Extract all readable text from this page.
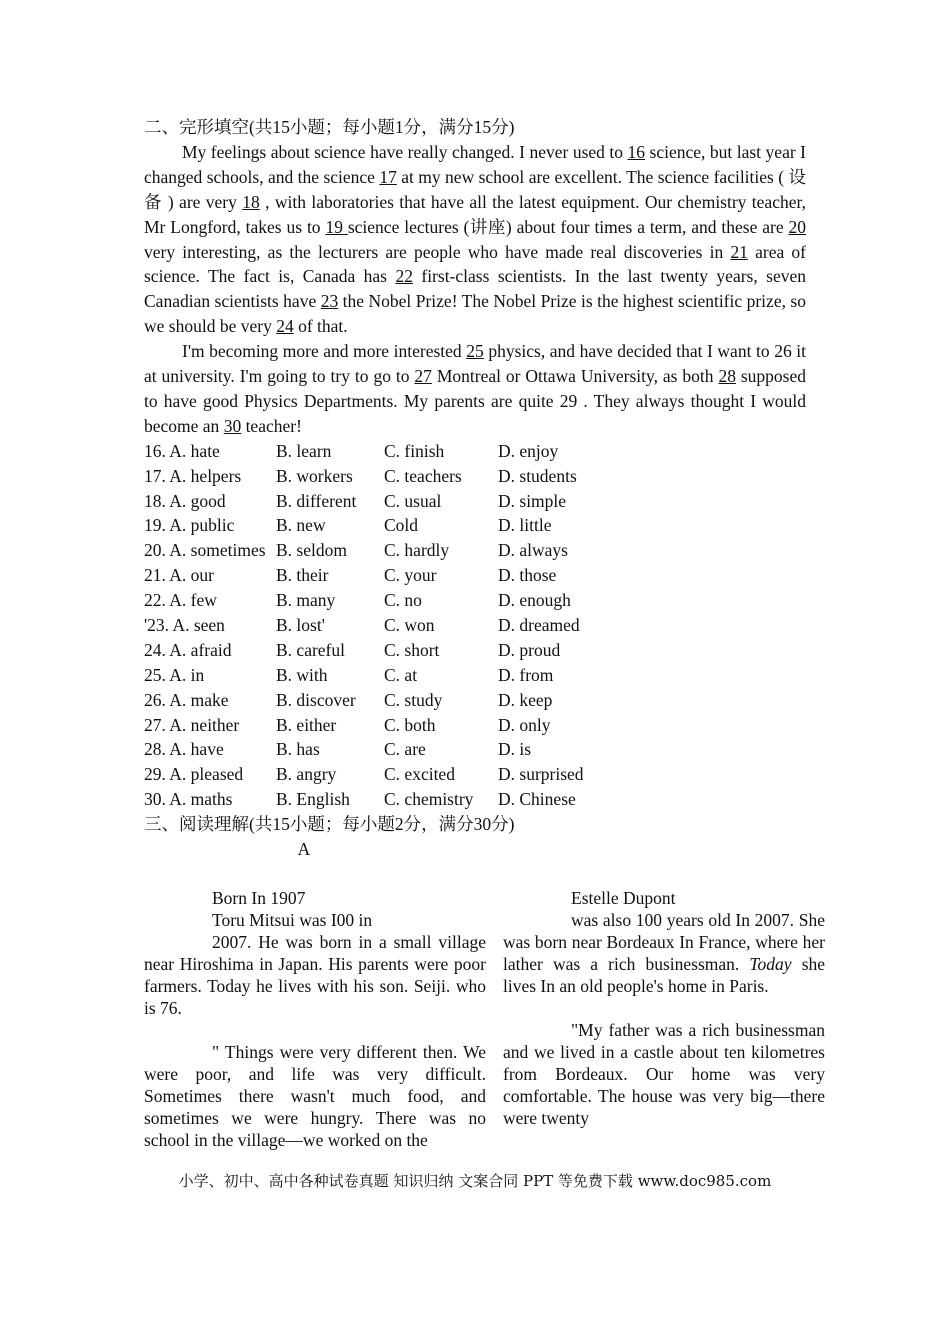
二、完形填空(共15小题；每小题1分，满分15分)
My feelings about science have really changed. I never used to 16 science, but last year I changed schools, and the science 17 at my new school are excellent. The science facilities ( 设 备 ) are very 18 , with laboratories that have all the latest equipment. Our chemistry teacher, Mr Longford, takes us to 19 science lectures (讲座) about four times a term, and these are 20 very interesting, as the lecturers are people who have made real discoveries in 21 area of science. The fact is, Canada has 22 first-class scientists. In the last twenty years, seven Canadian scientists have 23 the Nobel Prize! The Nobel Prize is the highest scientific prize, so we should be very 24 of that.
I'm becoming more and more interested 25 physics, and have decided that I want to 26 it at university. I'm going to try to go to 27 Montreal or Ottawa University, as both 28 supposed to have good Physics Departments. My parents are quite 29 . They always thought I would become an 30 teacher!
16. A. hate	B. learn	C. finish	D. enjoy
17. A. helpers B. workers C. teachers D. students
18. A. good	B. different C. usual	D. simple
19. A. public B. new	Cold	D. little
20. A. sometimes B. seldom C. hardly	D. always
21. A. our	B. their	C. your	D. those
22. A. few	B. many	C. no	D. enough
'23. A. seen	B. lost'	C. won	D. dreamed
24. A. afraid	B. careful C. short	D. proud
25. A. in	B. with	C. at	D. from
26. A. make	B. discover C. study	D. keep
27. A. neither B. either	C. both	D. only
28. A. have	B. has	C. are	D. is
29. A. pleased B. angry	C. excited D. surprised
30. A. maths B. English C. chemistry D. Chinese
三、阅读理解(共15小题；每小题2分，满分30分)
A
Born In 1907
Toru Mitsui was I00 in
2007. He was born in a small village near Hiroshima in Japan. His parents were poor farmers. Today he lives with his son. Seiji. who is 76.
" Things were very different then. We were poor, and life was very difficult. Sometimes there wasn't much food, and sometimes we were hungry. There was no school in the village—we worked on the
Estelle Dupont
was also 100 years old In 2007. She was born near Bordeaux In France, where her lather was a rich businessman. Today she lives In an old people's home in Paris.
"My father was a rich businessman and we lived in a castle about ten kilometres from Bordeaux. Our home was very comfortable. The house was very big—there were twenty
小学、初中、高中各种试卷真题 知识归纳 文案合同 PPT 等免费下载 www.doc985.com
